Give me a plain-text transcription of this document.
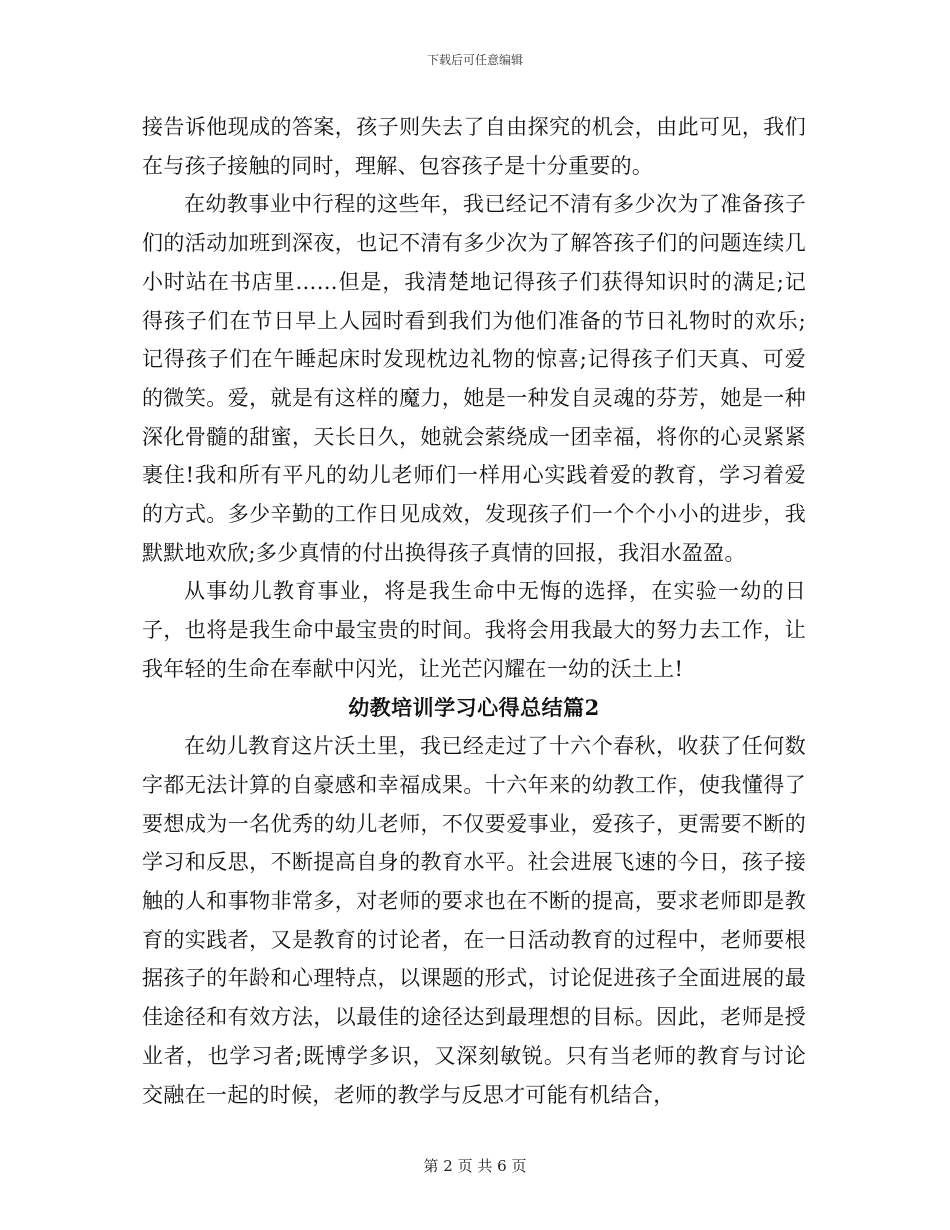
下载后可任意编辑

接告诉他现成的答案，孩子则失去了自由探究的机会，由此可见，我们在与孩子接触的同时，理解、包容孩子是十分重要的。

在幼教事业中行程的这些年，我已经记不清有多少次为了准备孩子们的活动加班到深夜，也记不清有多少次为了解答孩子们的问题连续几小时站在书店里……但是，我清楚地记得孩子们获得知识时的满足;记得孩子们在节日早上人园时看到我们为他们准备的节日礼物时的欢乐;记得孩子们在午睡起床时发现枕边礼物的惊喜;记得孩子们天真、可爱的微笑。爱，就是有这样的魔力，她是一种发自灵魂的芬芳，她是一种深化骨髓的甜蜜，天长日久，她就会萦绕成一团幸福，将你的心灵紧紧裹住!我和所有平凡的幼儿老师们一样用心实践着爱的教育，学习着爱的方式。多少辛勤的工作日见成效，发现孩子们一个个小小的进步，我默默地欢欣;多少真情的付出换得孩子真情的回报，我泪水盈盈。

从事幼儿教育事业，将是我生命中无悔的选择，在实验一幼的日子，也将是我生命中最宝贵的时间。我将会用我最大的努力去工作，让我年轻的生命在奉献中闪光，让光芒闪耀在一幼的沃土上!

幼教培训学习心得总结篇2

在幼儿教育这片沃土里，我已经走过了十六个春秋，收获了任何数字都无法计算的自豪感和幸福成果。十六年来的幼教工作，使我懂得了要想成为一名优秀的幼儿老师，不仅要爱事业，爱孩子，更需要不断的学习和反思，不断提高自身的教育水平。社会进展飞速的今日，孩子接触的人和事物非常多，对老师的要求也在不断的提高，要求老师即是教育的实践者，又是教育的讨论者，在一日活动教育的过程中，老师要根据孩子的年龄和心理特点，以课题的形式，讨论促进孩子全面进展的最佳途径和有效方法，以最佳的途径达到最理想的目标。因此，老师是授业者，也学习者;既博学多识，又深刻敏锐。只有当老师的教育与讨论交融在一起的时候，老师的教学与反思才可能有机结合，

第 2 页 共 6 页
